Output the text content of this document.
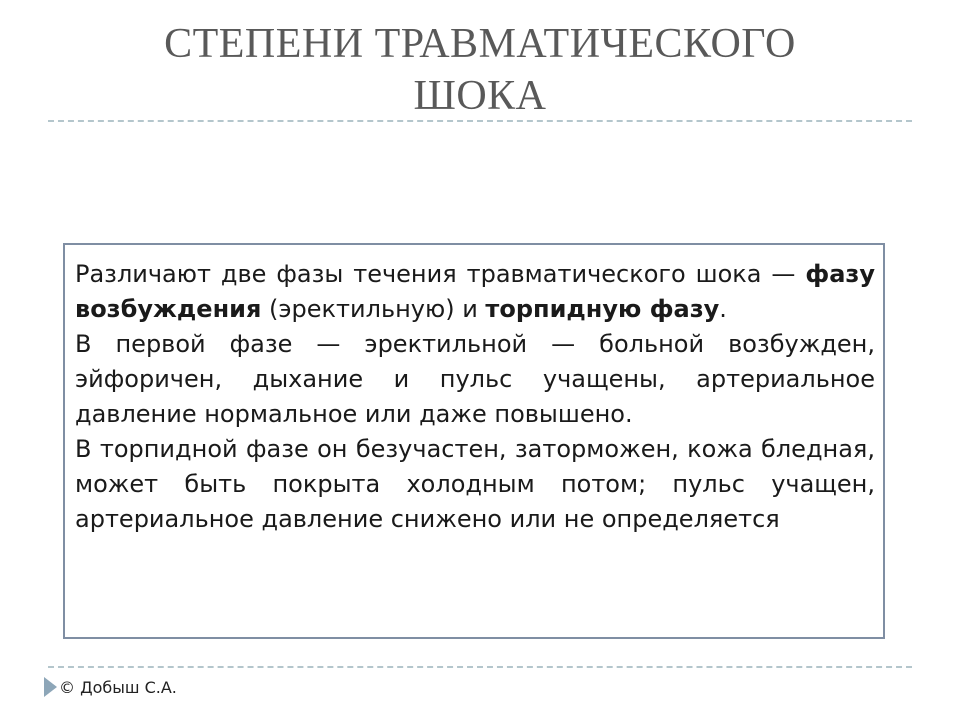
СТЕПЕНИ ТРАВМАТИЧЕСКОГО
ШОКА

Различают две фазы течения травматического шока — фазу возбуждения (эректильную) и торпидную фазу.

В первой фазе — эректильной — больной возбужден, эйфоричен, дыхание и пульс учащены, артериальное давление нормальное или даже повышено.

В торпидной фазе он безучастен, заторможен, кожа бледная, может быть покрыта холодным потом; пульс учащен, артериальное давление снижено или не определяется

© Добыш С.А.
